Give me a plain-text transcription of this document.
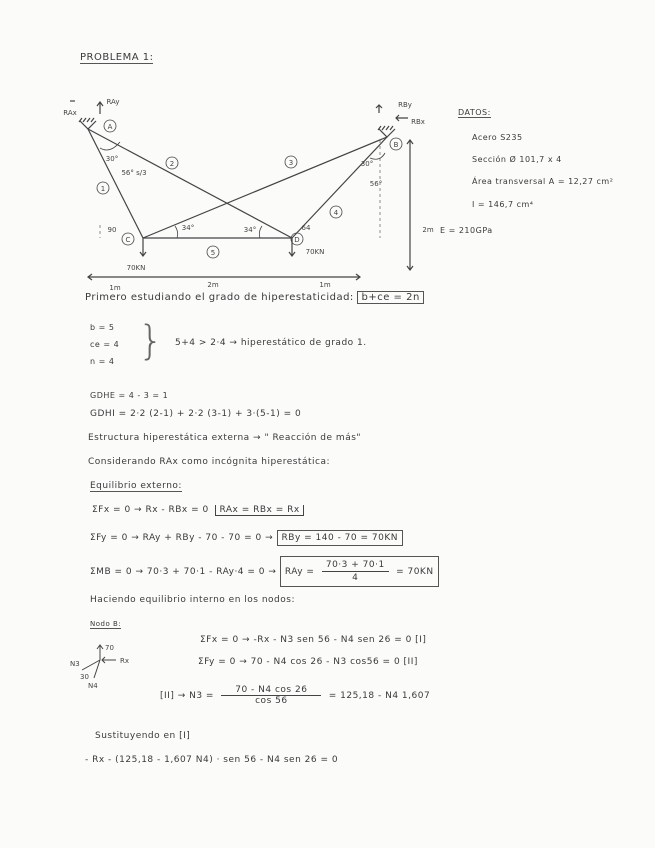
PROBLEMA 1:
A
B
C	D
1
2	3
4
5
RAx
RAy	RBy
RBx
30°
56° s/3
30°
56°
34°	34°	64
90
70KN
70KN
1m	2m	1m
2m
DATOS:
Acero S235
Sección Ø 101,7 x 4
Área transversal A = 12,27 cm²
I = 146,7 cm⁴
E = 210GPa
Primero estudiando el grado de hiperestaticidad: b+ce = 2n
b = 5
ce = 4
n = 4 } 5+4 > 2·4 → hiperestático de grado 1.
GDHE = 4 - 3 = 1
GDHI = 2·2 (2-1) + 2·2 (3-1) + 3·(5-1) = 0
Estructura hiperestática externa → " Reacción de más"
Considerando RAx como incógnita hiperestática:
Equilibrio externo:
ΣFx = 0 → Rx - RBx = 0 RAx = RBx = Rx
ΣFy = 0 → RAy + RBy - 70 - 70 = 0 → RBy = 140 - 70 = 70KN
ΣMB = 0 → 70·3 + 70·1 - RAy·4 = 0 → RAy = $\frac{70\cdot 3 + 70\cdot 1}{4} = 70KN$
Haciendo equilibrio interno en los nodos:
Nodo B:
70
Rx
N3
N4
30
ΣFx = 0 → -Rx - N3 sen 56 - N4 sen 26 = 0 [I]
ΣFy = 0 → 70 - N4 cos 26 - N3 cos56 = 0 [II]
$[II] \to N3 = \frac{70 - N4 \cos 26}{\cos 56} = 125,18 - N4$ 1,607
Sustituyendo en [I]
- Rx - (125,18 - 1,607 N4) · sen 56 - N4 sen 26 = 0
